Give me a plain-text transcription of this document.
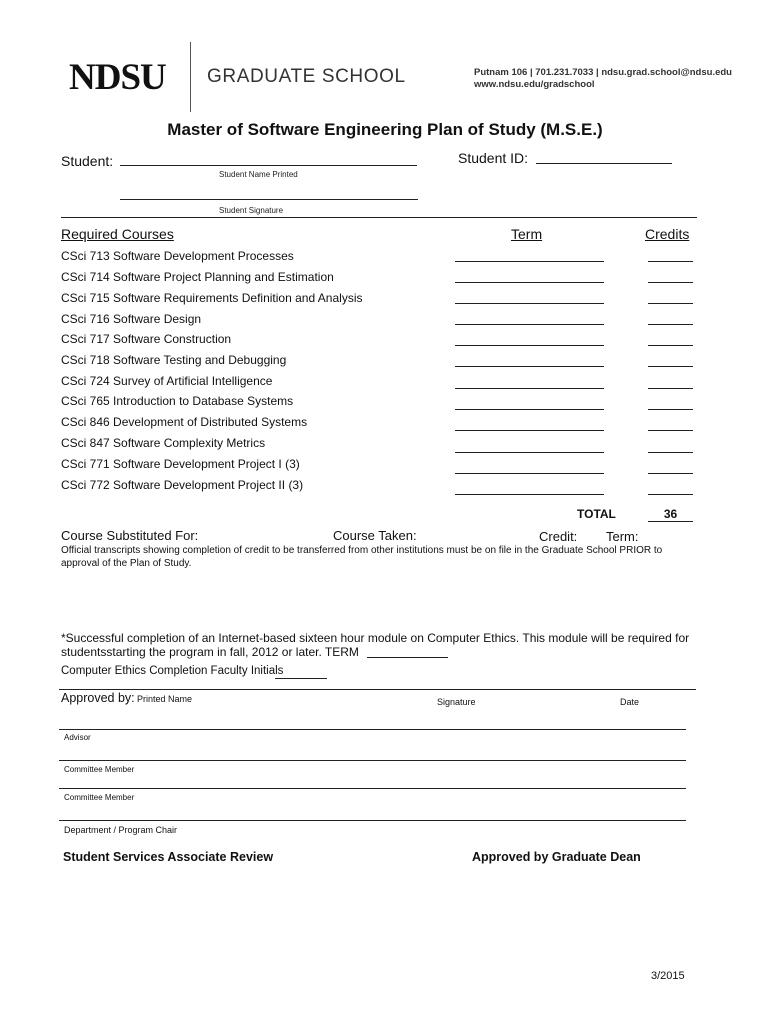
NDSU GRADUATE SCHOOL	Putnam 106 | 701.231.7033 | ndsu.grad.school@ndsu.edu
www.ndsu.edu/gradschool
Master of Software Engineering Plan of Study (M.S.E.)
Student:
Student Name Printed
Student ID:
Student Signature
Required Courses	Term	Credits
CSci 713 Software Development Processes
CSci 714 Software Project Planning and Estimation
CSci 715 Software Requirements Definition and Analysis
CSci 716 Software Design
CSci 717 Software Construction
CSci 718 Software Testing and Debugging
CSci 724 Survey of Artificial Intelligence
CSci 765 Introduction to Database Systems
CSci 846 Development of Distributed Systems
CSci 847 Software Complexity Metrics
CSci 771 Software Development Project I (3)
CSci 772 Software Development Project II (3)
TOTAL	36
Course Substituted For:	Course Taken:	Credit: Term:
Official transcripts showing completion of credit to be transferred from other institutions must be on file in the Graduate School PRIOR to
approval of the Plan of Study.
*Successful completion of an Internet-based sixteen hour module on Computer Ethics. This module will be required for
studentsstarting the program in fall, 2012 or later. TERM
Computer Ethics Completion Faculty Initials
Approved by: Printed Name	Signature	Date
Advisor
Committee Member
Committee Member
Department / Program Chair
Student Services Associate Review	Approved by Graduate Dean
3/2015
